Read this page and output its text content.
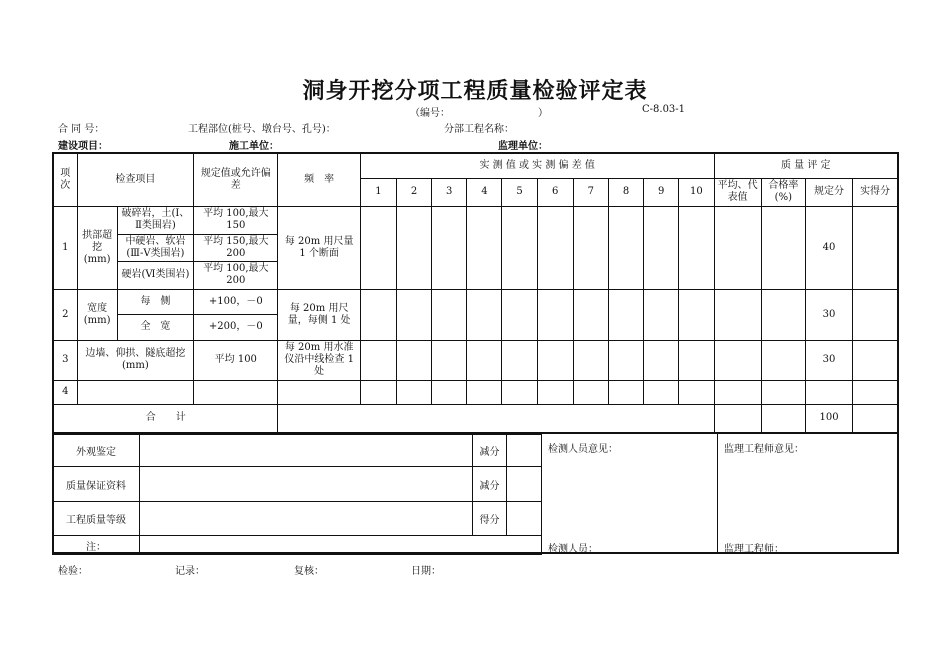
洞身开挖分项工程质量检验评定表
（编号：	）	C-8.03-1
合 同 号：	工程部位(桩号、墩台号、孔号)：	分部工程名称：
建设项目：	施工单位：	监理单位：
项次	检查项目		规定值或允许偏差	频　率	实 测 值 或 实 测 偏 差 值										质 量 评 定			
					1	2	3	4	5	6	7	8	9	10	平均、代表值	合格率(%)	规定分	实得分
1	拱部超挖(mm)	破碎岩，土(Ⅰ、Ⅱ类围岩)	平均 100,最大 150	每 20m 用尺量 1 个断面													40	
		中硬岩、软岩(Ⅲ-Ⅴ类围岩)	平均 150,最大 200															
		硬岩(Ⅵ类围岩)	平均 100,最大 200															
2	宽度(mm)	每　侧	+100，－0	每 20m 用尺量，每侧 1 处													30	
		全　宽	+200，－0															
3	边墙、仰拱、隧底超挖(mm)		平均 100	每 20m 用水准仪沿中线检查 1 处													30	
4																		
合　　计																	100	
外观鉴定		减分	
质量保证资料		减分	
工程质量等级		得分	
注：			
检测人员意见：
检测人员：
监理工程师意见：
监理工程师：
检验：	记录：	复核：	日期：
